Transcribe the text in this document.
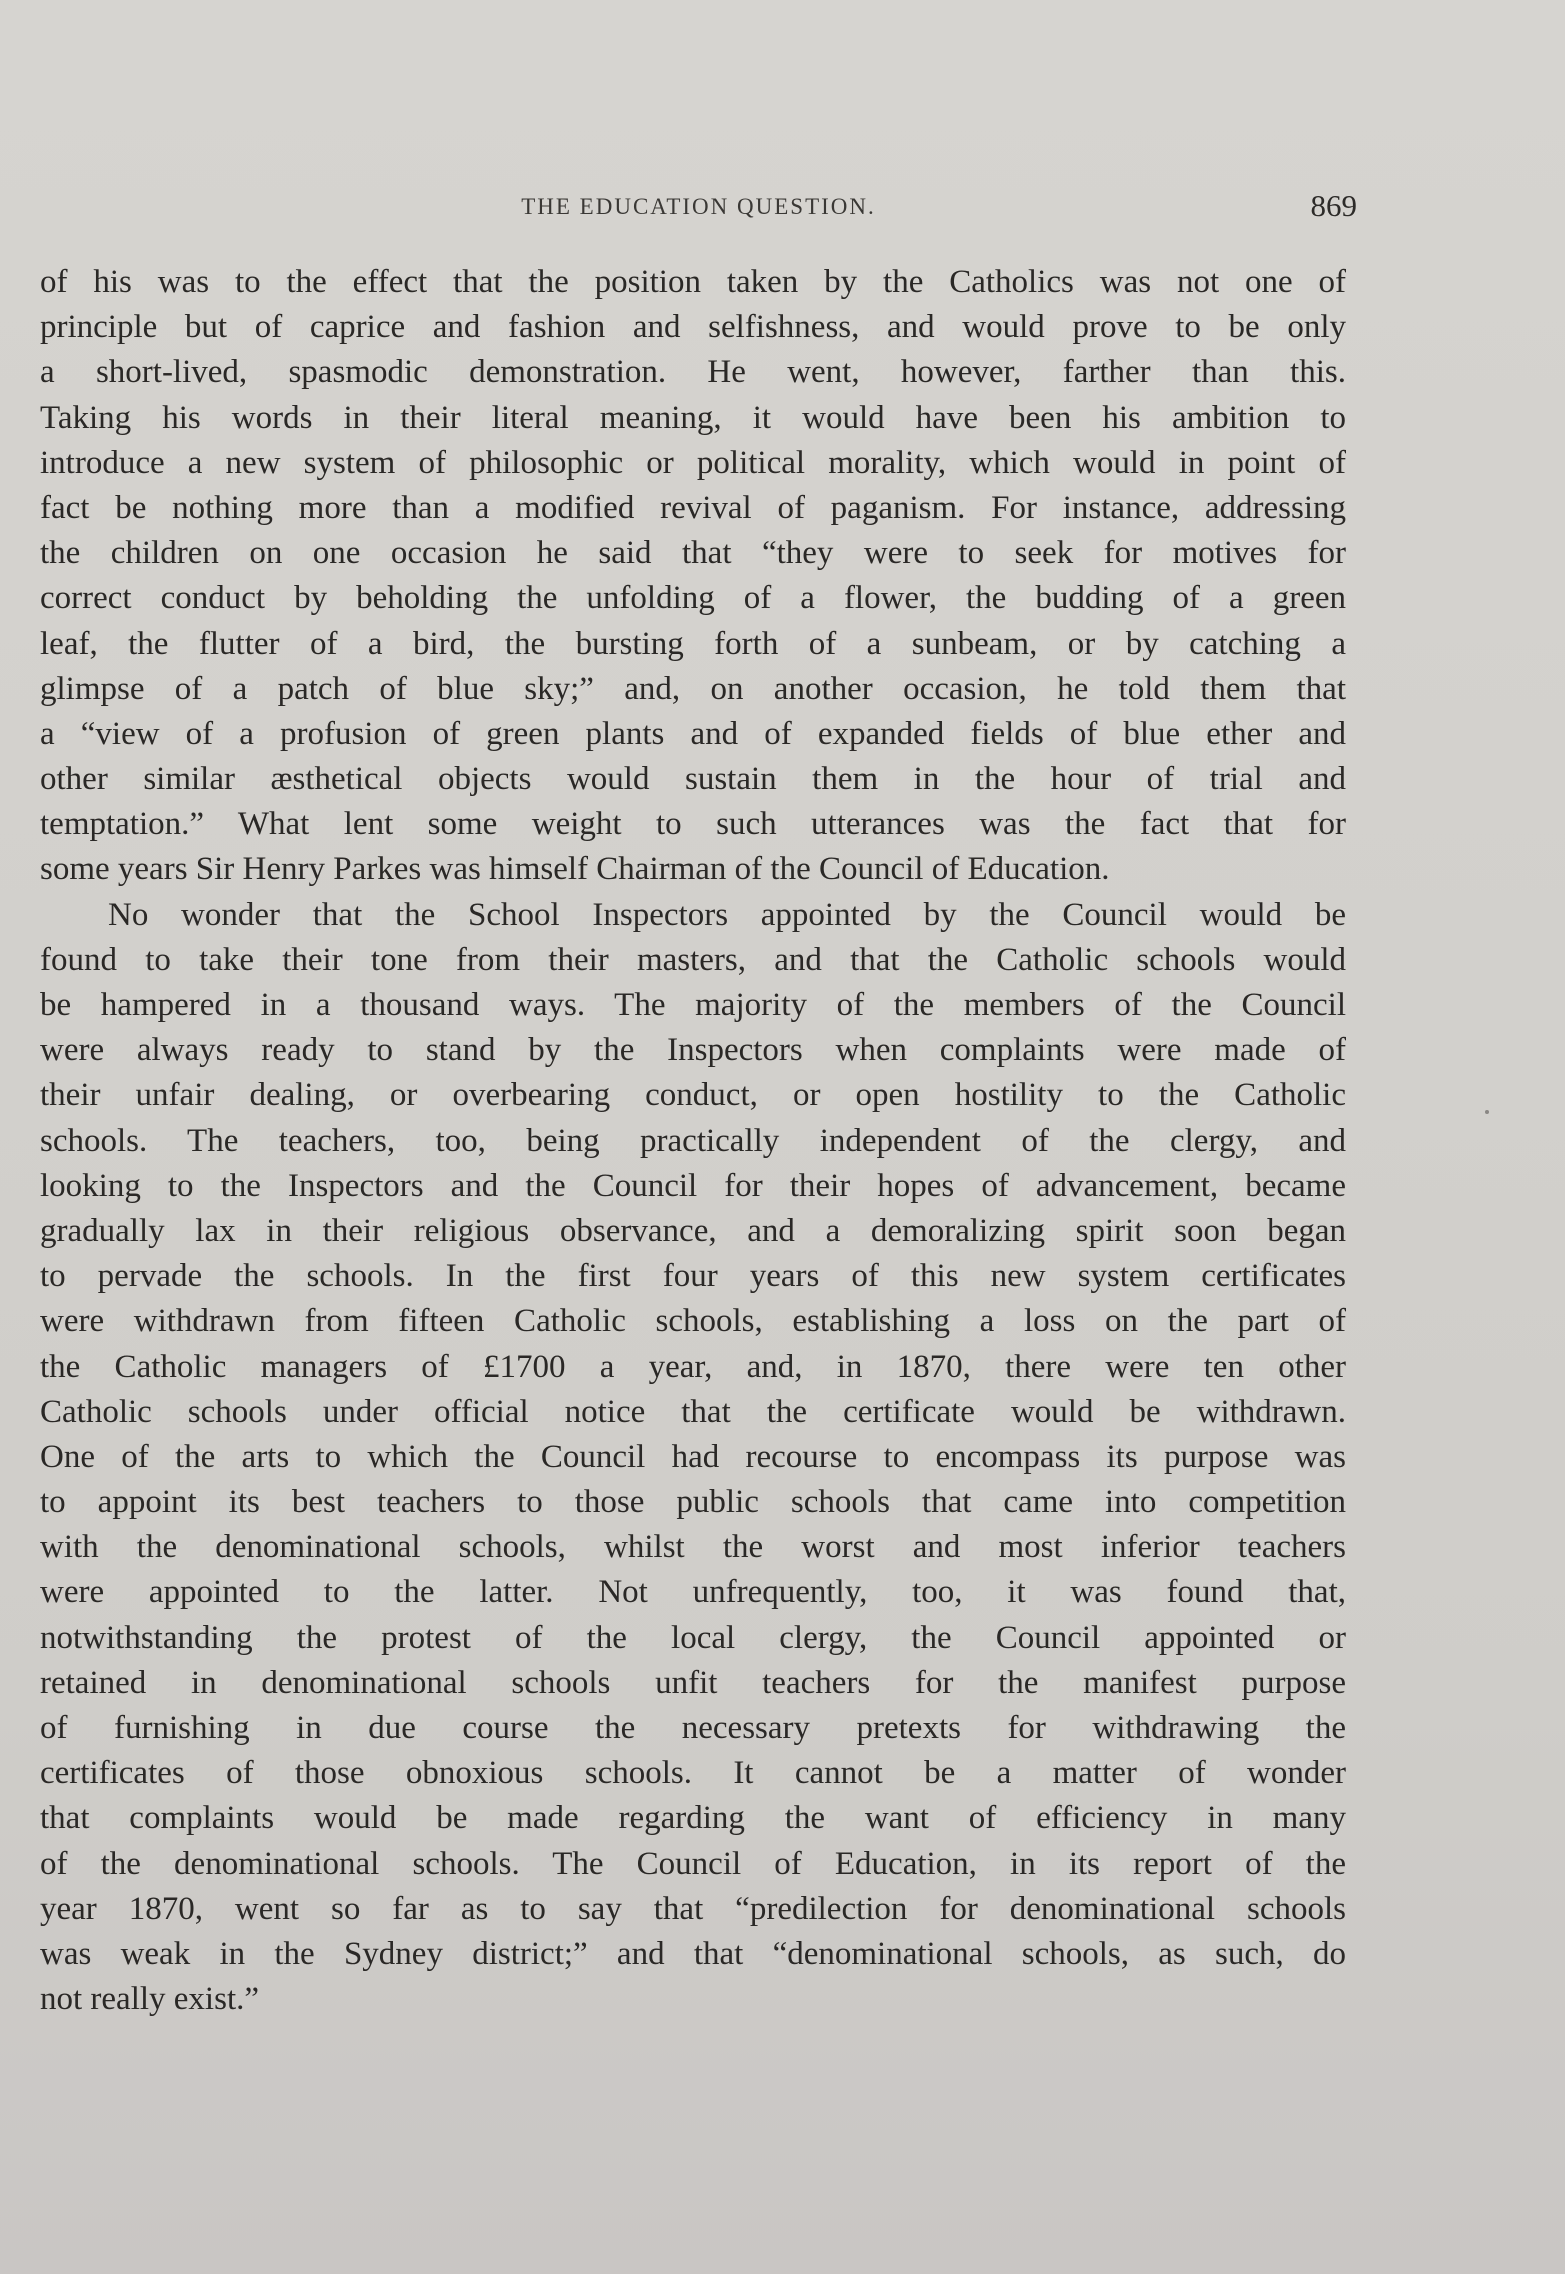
THE EDUCATION QUESTION.	869
of his was to the effect that the position taken by the Catholics was not one of
principle but of caprice and fashion and selfishness, and would prove to be only
a short-lived, spasmodic demonstration. He went, however, farther than this.
Taking his words in their literal meaning, it would have been his ambition to
introduce a new system of philosophic or political morality, which would in point of
fact be nothing more than a modified revival of paganism. For instance, addressing
the children on one occasion he said that “they were to seek for motives for
correct conduct by beholding the unfolding of a flower, the budding of a green
leaf, the flutter of a bird, the bursting forth of a sunbeam, or by catching a
glimpse of a patch of blue sky;” and, on another occasion, he told them that
a “view of a profusion of green plants and of expanded fields of blue ether and
other similar æsthetical objects would sustain them in the hour of trial and
temptation.” What lent some weight to such utterances was the fact that for
some years Sir Henry Parkes was himself Chairman of the Council of Education.
No wonder that the School Inspectors appointed by the Council would be
found to take their tone from their masters, and that the Catholic schools would
be hampered in a thousand ways. The majority of the members of the Council
were always ready to stand by the Inspectors when complaints were made of
their unfair dealing, or overbearing conduct, or open hostility to the Catholic
schools. The teachers, too, being practically independent of the clergy, and
looking to the Inspectors and the Council for their hopes of advancement, became
gradually lax in their religious observance, and a demoralizing spirit soon began
to pervade the schools. In the first four years of this new system certificates
were withdrawn from fifteen Catholic schools, establishing a loss on the part of
the Catholic managers of £1700 a year, and, in 1870, there were ten other
Catholic schools under official notice that the certificate would be withdrawn.
One of the arts to which the Council had recourse to encompass its purpose was
to appoint its best teachers to those public schools that came into competition
with the denominational schools, whilst the worst and most inferior teachers
were appointed to the latter. Not unfrequently, too, it was found that,
notwithstanding the protest of the local clergy, the Council appointed or
retained in denominational schools unfit teachers for the manifest purpose
of furnishing in due course the necessary pretexts for withdrawing the
certificates of those obnoxious schools. It cannot be a matter of wonder
that complaints would be made regarding the want of efficiency in many
of the denominational schools. The Council of Education, in its report of the
year 1870, went so far as to say that “predilection for denominational schools
was weak in the Sydney district;” and that “denominational schools, as such, do
not really exist.”
